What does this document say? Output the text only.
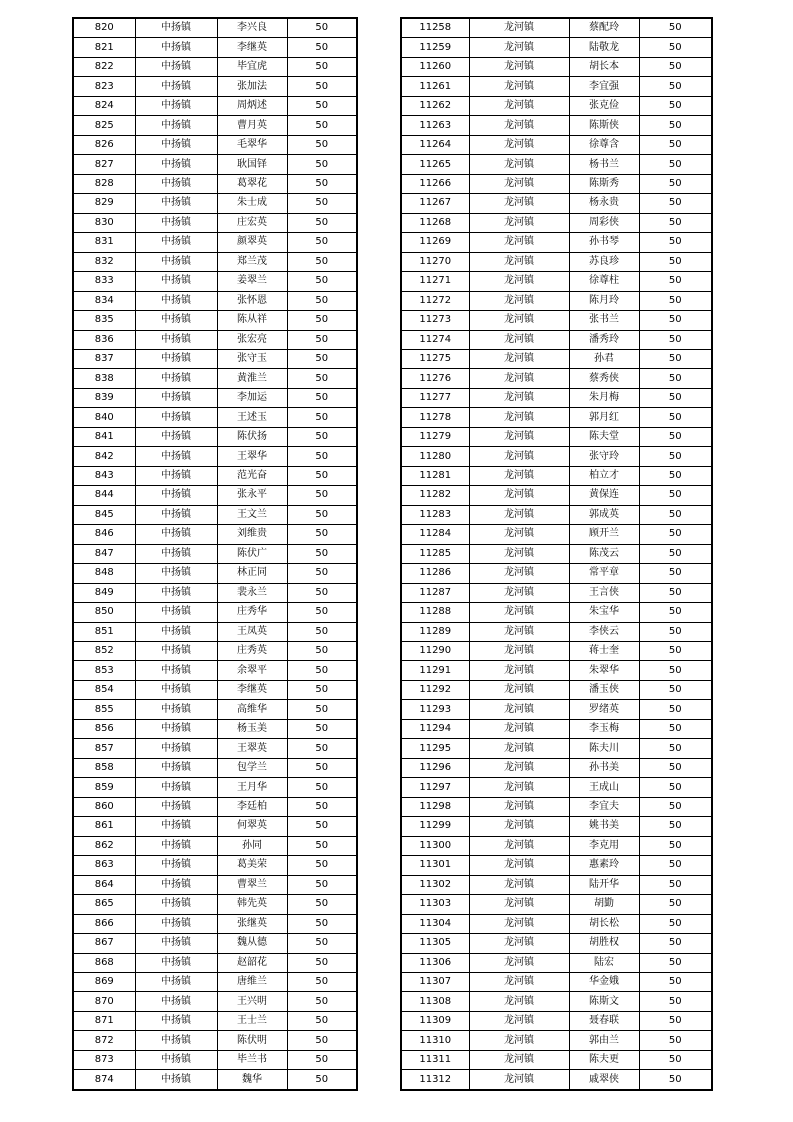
820	中扬镇	李兴良	50
821	中扬镇	李继英	50
822	中扬镇	毕宜虎	50
823	中扬镇	张加法	50
824	中扬镇	周炳述	50
825	中扬镇	曹月英	50
826	中扬镇	毛翠华	50
827	中扬镇	耿国铎	50
828	中扬镇	葛翠花	50
829	中扬镇	朱士成	50
830	中扬镇	庄宏英	50
831	中扬镇	颜翠英	50
832	中扬镇	郑兰茂	50
833	中扬镇	姜翠兰	50
834	中扬镇	张怀恩	50
835	中扬镇	陈从祥	50
836	中扬镇	张宏亮	50
837	中扬镇	张守玉	50
838	中扬镇	黄淮兰	50
839	中扬镇	李加运	50
840	中扬镇	王述玉	50
841	中扬镇	陈伏扬	50
842	中扬镇	王翠华	50
843	中扬镇	范光奋	50
844	中扬镇	张永平	50
845	中扬镇	王文兰	50
846	中扬镇	刘维贵	50
847	中扬镇	陈伏广	50
848	中扬镇	林正同	50
849	中扬镇	裴永兰	50
850	中扬镇	庄秀华	50
851	中扬镇	王凤英	50
852	中扬镇	庄秀英	50
853	中扬镇	余翠平	50
854	中扬镇	李继英	50
855	中扬镇	高维华	50
856	中扬镇	杨玉美	50
857	中扬镇	王翠英	50
858	中扬镇	包学兰	50
859	中扬镇	王月华	50
860	中扬镇	李廷柏	50
861	中扬镇	何翠英	50
862	中扬镇	孙同	50
863	中扬镇	葛美荣	50
864	中扬镇	曹翠兰	50
865	中扬镇	韩先英	50
866	中扬镇	张继英	50
867	中扬镇	魏从德	50
868	中扬镇	赵韶花	50
869	中扬镇	唐维兰	50
870	中扬镇	王兴明	50
871	中扬镇	王士兰	50
872	中扬镇	陈伏明	50
873	中扬镇	毕兰书	50
874	中扬镇	魏华	50
11258	龙河镇	蔡配玲	50
11259	龙河镇	陆敬龙	50
11260	龙河镇	胡长本	50
11261	龙河镇	李宜强	50
11262	龙河镇	张克俭	50
11263	龙河镇	陈斯侠	50
11264	龙河镇	徐尊含	50
11265	龙河镇	杨书兰	50
11266	龙河镇	陈斯秀	50
11267	龙河镇	杨永贵	50
11268	龙河镇	周彩侠	50
11269	龙河镇	孙书琴	50
11270	龙河镇	苏良珍	50
11271	龙河镇	徐尊柱	50
11272	龙河镇	陈月玲	50
11273	龙河镇	张书兰	50
11274	龙河镇	潘秀玲	50
11275	龙河镇	孙君	50
11276	龙河镇	蔡秀侠	50
11277	龙河镇	朱月梅	50
11278	龙河镇	郭月红	50
11279	龙河镇	陈夫堂	50
11280	龙河镇	张守玲	50
11281	龙河镇	柏立才	50
11282	龙河镇	黄保连	50
11283	龙河镇	郭成英	50
11284	龙河镇	顾开兰	50
11285	龙河镇	陈茂云	50
11286	龙河镇	常平章	50
11287	龙河镇	王言侠	50
11288	龙河镇	朱宝华	50
11289	龙河镇	李侠云	50
11290	龙河镇	蒋士奎	50
11291	龙河镇	朱翠华	50
11292	龙河镇	潘玉侠	50
11293	龙河镇	罗绪英	50
11294	龙河镇	李玉梅	50
11295	龙河镇	陈夫川	50
11296	龙河镇	孙书美	50
11297	龙河镇	王成山	50
11298	龙河镇	李宜夫	50
11299	龙河镇	姚书美	50
11300	龙河镇	李克用	50
11301	龙河镇	惠素玲	50
11302	龙河镇	陆开华	50
11303	龙河镇	胡勤	50
11304	龙河镇	胡长松	50
11305	龙河镇	胡胜权	50
11306	龙河镇	陆宏	50
11307	龙河镇	华金娥	50
11308	龙河镇	陈斯文	50
11309	龙河镇	聂春联	50
11310	龙河镇	郭由兰	50
11311	龙河镇	陈夫更	50
11312	龙河镇	戚翠侠	50
